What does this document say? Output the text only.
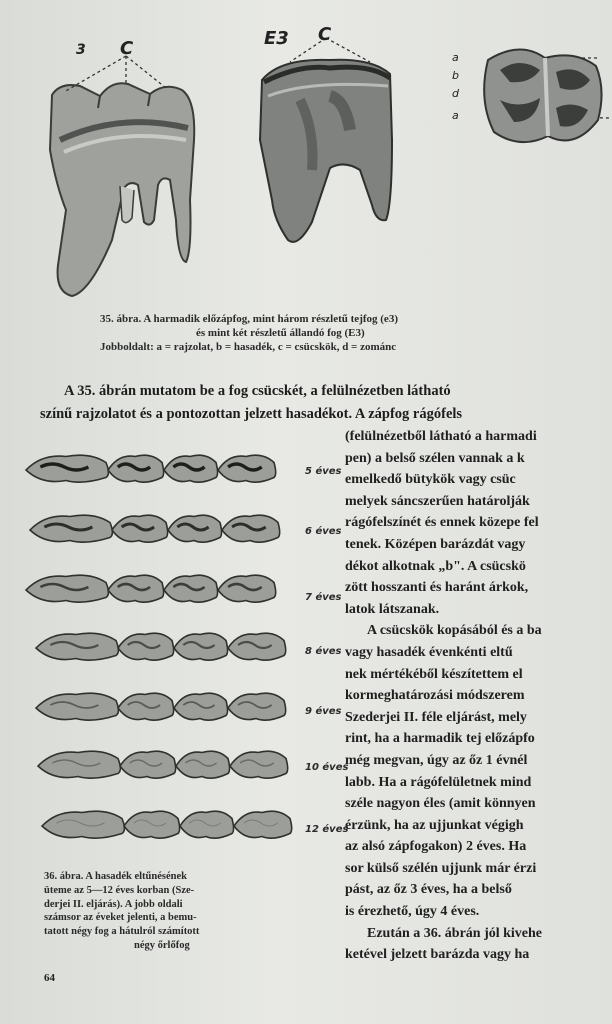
3 C	E3 C
a
b
d
a
35. ábra. A harmadik előzápfog, mint három részletű tejfog (e3)
és mint két részletű állandó fog (E3)
Jobboldalt: a = rajzolat, b = hasadék, c = csücskök, d = zománc
A 35. ábrán mutatom be a fog csücskét, a felülnézetben látható
színű rajzolatot és a pontozottan jelzett hasadékot. A zápfog rágófels
5 éves
6 éves
7 éves
8 éves
9 éves
10 éves
12 éves
36. ábra. A hasadék eltűnésének
üteme az 5—12 éves korban (Sze-
derjei II. eljárás). A jobb oldali
számsor az éveket jelenti, a bemu-
tatott négy fog a hátulról számított
négy őrlőfog
(felülnézetből látható a harmadi
pen) a belső szélen vannak a k
emelkedő bütykök vagy csüc
melyek sáncszerűen határolják
rágófelszínét és ennek közepe fel
tenek. Középen barázdát vagy
dékot alkotnak „b". A csücskö
zött hosszanti és haránt árkok,
latok látszanak.
A csücskök kopásából és a ba
vagy hasadék évenkénti eltű
nek mértékéből készítettem el
kormeghatározási módszerem
Szederjei II. féle eljárást, mely
rint, ha a harmadik tej előzápfo
még megvan, úgy az őz 1 évnél
labb. Ha a rágófelületnek mind
széle nagyon éles (amit könnyen
érzünk, ha az ujjunkat végigh
az alsó zápfogakon) 2 éves. Ha
sor külső szélén ujjunk már érzi
pást, az őz 3 éves, ha a belső
is érezhető, úgy 4 éves.
Ezután a 36. ábrán jól kivehe
ketével jelzett barázda vagy ha
64
